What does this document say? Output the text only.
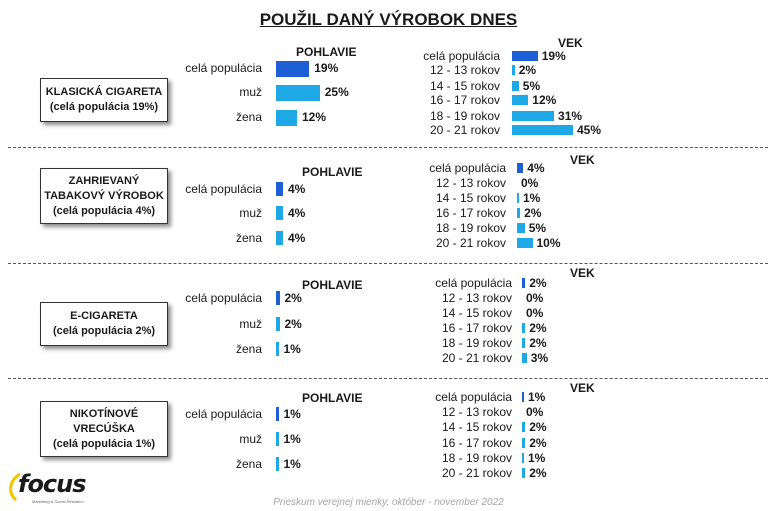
POUŽIL DANÝ VÝROBOK DNES
KLASICKÁ CIGARETA
(celá populácia 19%)
POHLAVIE
celá populácia	19%
muž	25%
žena	12%
VEK
celá populácia	19%
12 - 13 rokov 2%
14 - 15 rokov 5%
16 - 17 rokov	12%
18 - 19 rokov	31%
20 - 21 rokov	45%
ZAHRIEVANÝ
TABAKOVÝ VÝROBOK
(celá populácia 4%)
POHLAVIE
celá populácia 4%
muž 4%
žena 4%
VEK
celá populácia 4%
12 - 13 rokov 0%
14 - 15 rokov 1%
16 - 17 rokov 2%
18 - 19 rokov 5%
20 - 21 rokov	10%
E-CIGARETA
(celá populácia 2%)
POHLAVIE
celá populácia 2%
muž 2%
žena 1%
VEK
celá populácia 2%
12 - 13 rokov 0%
14 - 15 rokov 0%
16 - 17 rokov 2%
18 - 19 rokov 2%
20 - 21 rokov 3%
NIKOTÍNOVÉ
VRECÚŠKA
(celá populácia 1%)
POHLAVIE
celá populácia 1%
muž 1%
žena 1%
VEK
celá populácia 1%
12 - 13 rokov 0%
14 - 15 rokov 2%
16 - 17 rokov 2%
18 - 19 rokov 1%
20 - 21 rokov 2%
focus
Marketing & Social Research	Prieskum verejnej mienky, október - november 2022
